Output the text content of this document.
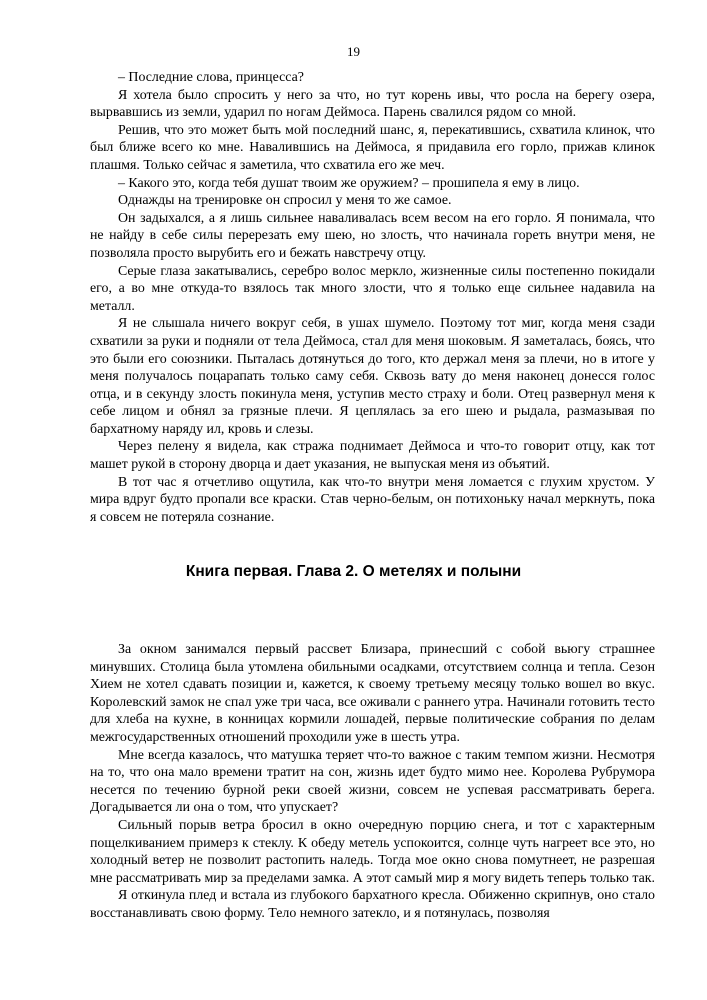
19

– Последние слова, принцесса?

Я хотела было спросить у него за что, но тут корень ивы, что росла на берегу озера, вырвавшись из земли, ударил по ногам Деймоса. Парень свалился рядом со мной.

Решив, что это может быть мой последний шанс, я, перекатившись, схватила клинок, что был ближе всего ко мне. Навалившись на Деймоса, я придавила его горло, прижав клинок плашмя. Только сейчас я заметила, что схватила его же меч.

– Какого это, когда тебя душат твоим же оружием? – прошипела я ему в лицо.

Однажды на тренировке он спросил у меня то же самое.

Он задыхался, а я лишь сильнее наваливалась всем весом на его горло. Я понимала, что не найду в себе силы перерезать ему шею, но злость, что начинала гореть внутри меня, не позволяла просто вырубить его и бежать навстречу отцу.

Серые глаза закатывались, серебро волос меркло, жизненные силы постепенно покидали его, а во мне откуда-то взялось так много злости, что я только еще сильнее надавила на металл.

Я не слышала ничего вокруг себя, в ушах шумело. Поэтому тот миг, когда меня сзади схватили за руки и подняли от тела Деймоса, стал для меня шоковым. Я заметалась, боясь, что это были его союзники. Пыталась дотянуться до того, кто держал меня за плечи, но в итоге у меня получалось поцарапать только саму себя. Сквозь вату до меня наконец донесся голос отца, и в секунду злость покинула меня, уступив место страху и боли. Отец развернул меня к себе лицом и обнял за грязные плечи. Я цеплялась за его шею и рыдала, размазывая по бархатному наряду ил, кровь и слезы.

Через пелену я видела, как стража поднимает Деймоса и что-то говорит отцу, как тот машет рукой в сторону дворца и дает указания, не выпуская меня из объятий.

В тот час я отчетливо ощутила, как что-то внутри меня ломается с глухим хрустом. У мира вдруг будто пропали все краски. Став черно-белым, он потихоньку начал меркнуть, пока я совсем не потеряла сознание.

Книга первая. Глава 2. О метелях и полыни

За окном занимался первый рассвет Близара, принесший с собой вьюгу страшнее минувших. Столица была утомлена обильными осадками, отсутствием солнца и тепла. Сезон Хием не хотел сдавать позиции и, кажется, к своему третьему месяцу только вошел во вкус. Королевский замок не спал уже три часа, все оживали с раннего утра. Начинали готовить тесто для хлеба на кухне, в конницах кормили лошадей, первые политические собрания по делам межгосударственных отношений проходили уже в шесть утра.

Мне всегда казалось, что матушка теряет что-то важное с таким темпом жизни. Несмотря на то, что она мало времени тратит на сон, жизнь идет будто мимо нее. Королева Рубрумора несется по течению бурной реки своей жизни, совсем не успевая рассматривать берега. Догадывается ли она о том, что упускает?

Сильный порыв ветра бросил в окно очередную порцию снега, и тот с характерным пощелкиванием примерз к стеклу. К обеду метель успокоится, солнце чуть нагреет все это, но холодный ветер не позволит растопить наледь. Тогда мое окно снова помутнеет, не разрешая мне рассматривать мир за пределами замка. А этот самый мир я могу видеть теперь только так.

Я откинула плед и встала из глубокого бархатного кресла. Обиженно скрипнув, оно стало восстанавливать свою форму. Тело немного затекло, и я потянулась, позволяя
